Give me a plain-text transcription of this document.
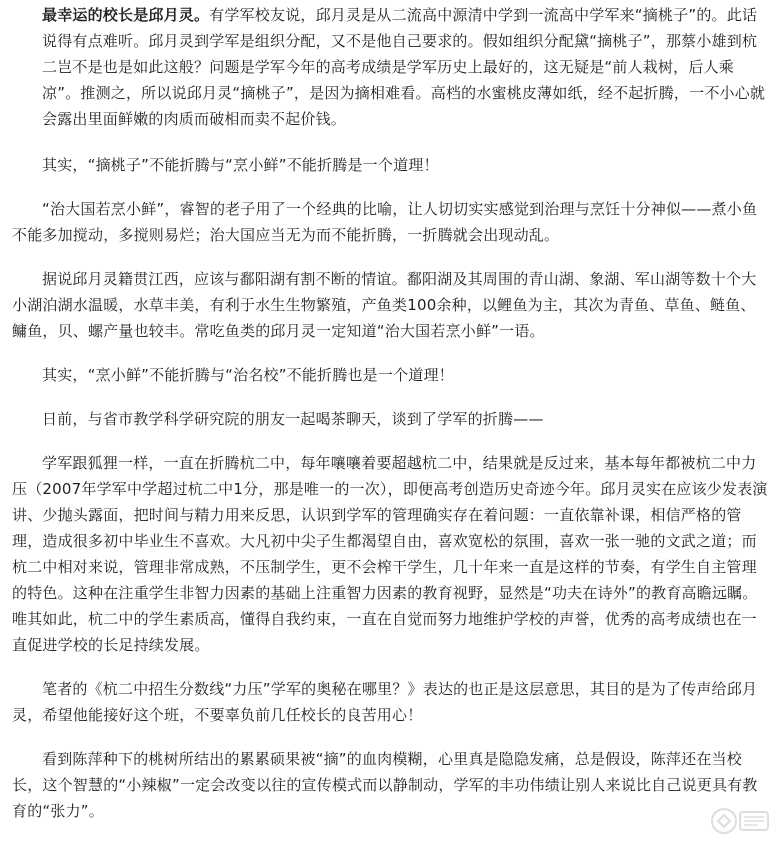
最幸运的校长是邱月灵。有学军校友说，邱月灵是从二流高中源清中学到一流高中学军来“摘桃子”的。此话说得有点难听。邱月灵到学军是组织分配，又不是他自己要求的。假如组织分配黛“摘桃子”，那蔡小雄到杭二岂不是也是如此这般？问题是学军今年的高考成绩是学军历史上最好的，这无疑是“前人栽树，后人乘凉”。推测之，所以说邱月灵“摘桃子”，是因为摘相难看。高档的水蜜桃皮薄如纸，经不起折腾，一不小心就会露出里面鲜嫩的肉质而破相而卖不起价钱。

其实，“摘桃子”不能折腾与“烹小鲜”不能折腾是一个道理！

“治大国若烹小鲜”，睿智的老子用了一个经典的比喻，让人切切实实感觉到治理与烹饪十分神似——煮小鱼不能多加搅动，多搅则易烂；治大国应当无为而不能折腾，一折腾就会出现动乱。

据说邱月灵籍贯江西，应该与鄱阳湖有割不断的情谊。鄱阳湖及其周围的青山湖、象湖、军山湖等数十个大小湖泊湖水温暖，水草丰美，有利于水生生物繁殖，产鱼类100余种，以鲤鱼为主，其次为青鱼、草鱼、鲢鱼、鳙鱼，贝、螺产量也较丰。常吃鱼类的邱月灵一定知道“治大国若烹小鲜”一语。

其实，“烹小鲜”不能折腾与“治名校”不能折腾也是一个道理！

日前，与省市教学科学研究院的朋友一起喝茶聊天，谈到了学军的折腾——

学军跟狐狸一样，一直在折腾杭二中，每年嚷嚷着要超越杭二中，结果就是反过来，基本每年都被杭二中力压（2007年学军中学超过杭二中1分，那是唯一的一次），即便高考创造历史奇迹今年。邱月灵实在应该少发表演讲、少抛头露面，把时间与精力用来反思，认识到学军的管理确实存在着问题：一直依靠补课，相信严格的管理，造成很多初中毕业生不喜欢。大凡初中尖子生都渴望自由，喜欢宽松的氛围，喜欢一张一驰的文武之道；而杭二中相对来说，管理非常成熟，不压制学生，更不会榨干学生，几十年来一直是这样的节奏，有学生自主管理的特色。这种在注重学生非智力因素的基础上注重智力因素的教育视野，显然是“功夫在诗外”的教育高瞻远瞩。唯其如此，杭二中的学生素质高，懂得自我约束，一直在自觉而努力地维护学校的声誉，优秀的高考成绩也在一直促进学校的长足持续发展。

笔者的《杭二中招生分数线“力压”学军的奥秘在哪里？》表达的也正是这层意思，其目的是为了传声给邱月灵，希望他能接好这个班，不要辜负前几任校长的良苦用心！

看到陈萍种下的桃树所结出的累累硕果被“摘”的血肉模糊，心里真是隐隐发痛，总是假设，陈萍还在当校长，这个智慧的“小辣椒”一定会改变以往的宣传模式而以静制动，学军的丰功伟绩让别人来说比自己说更具有教育的“张力”。
